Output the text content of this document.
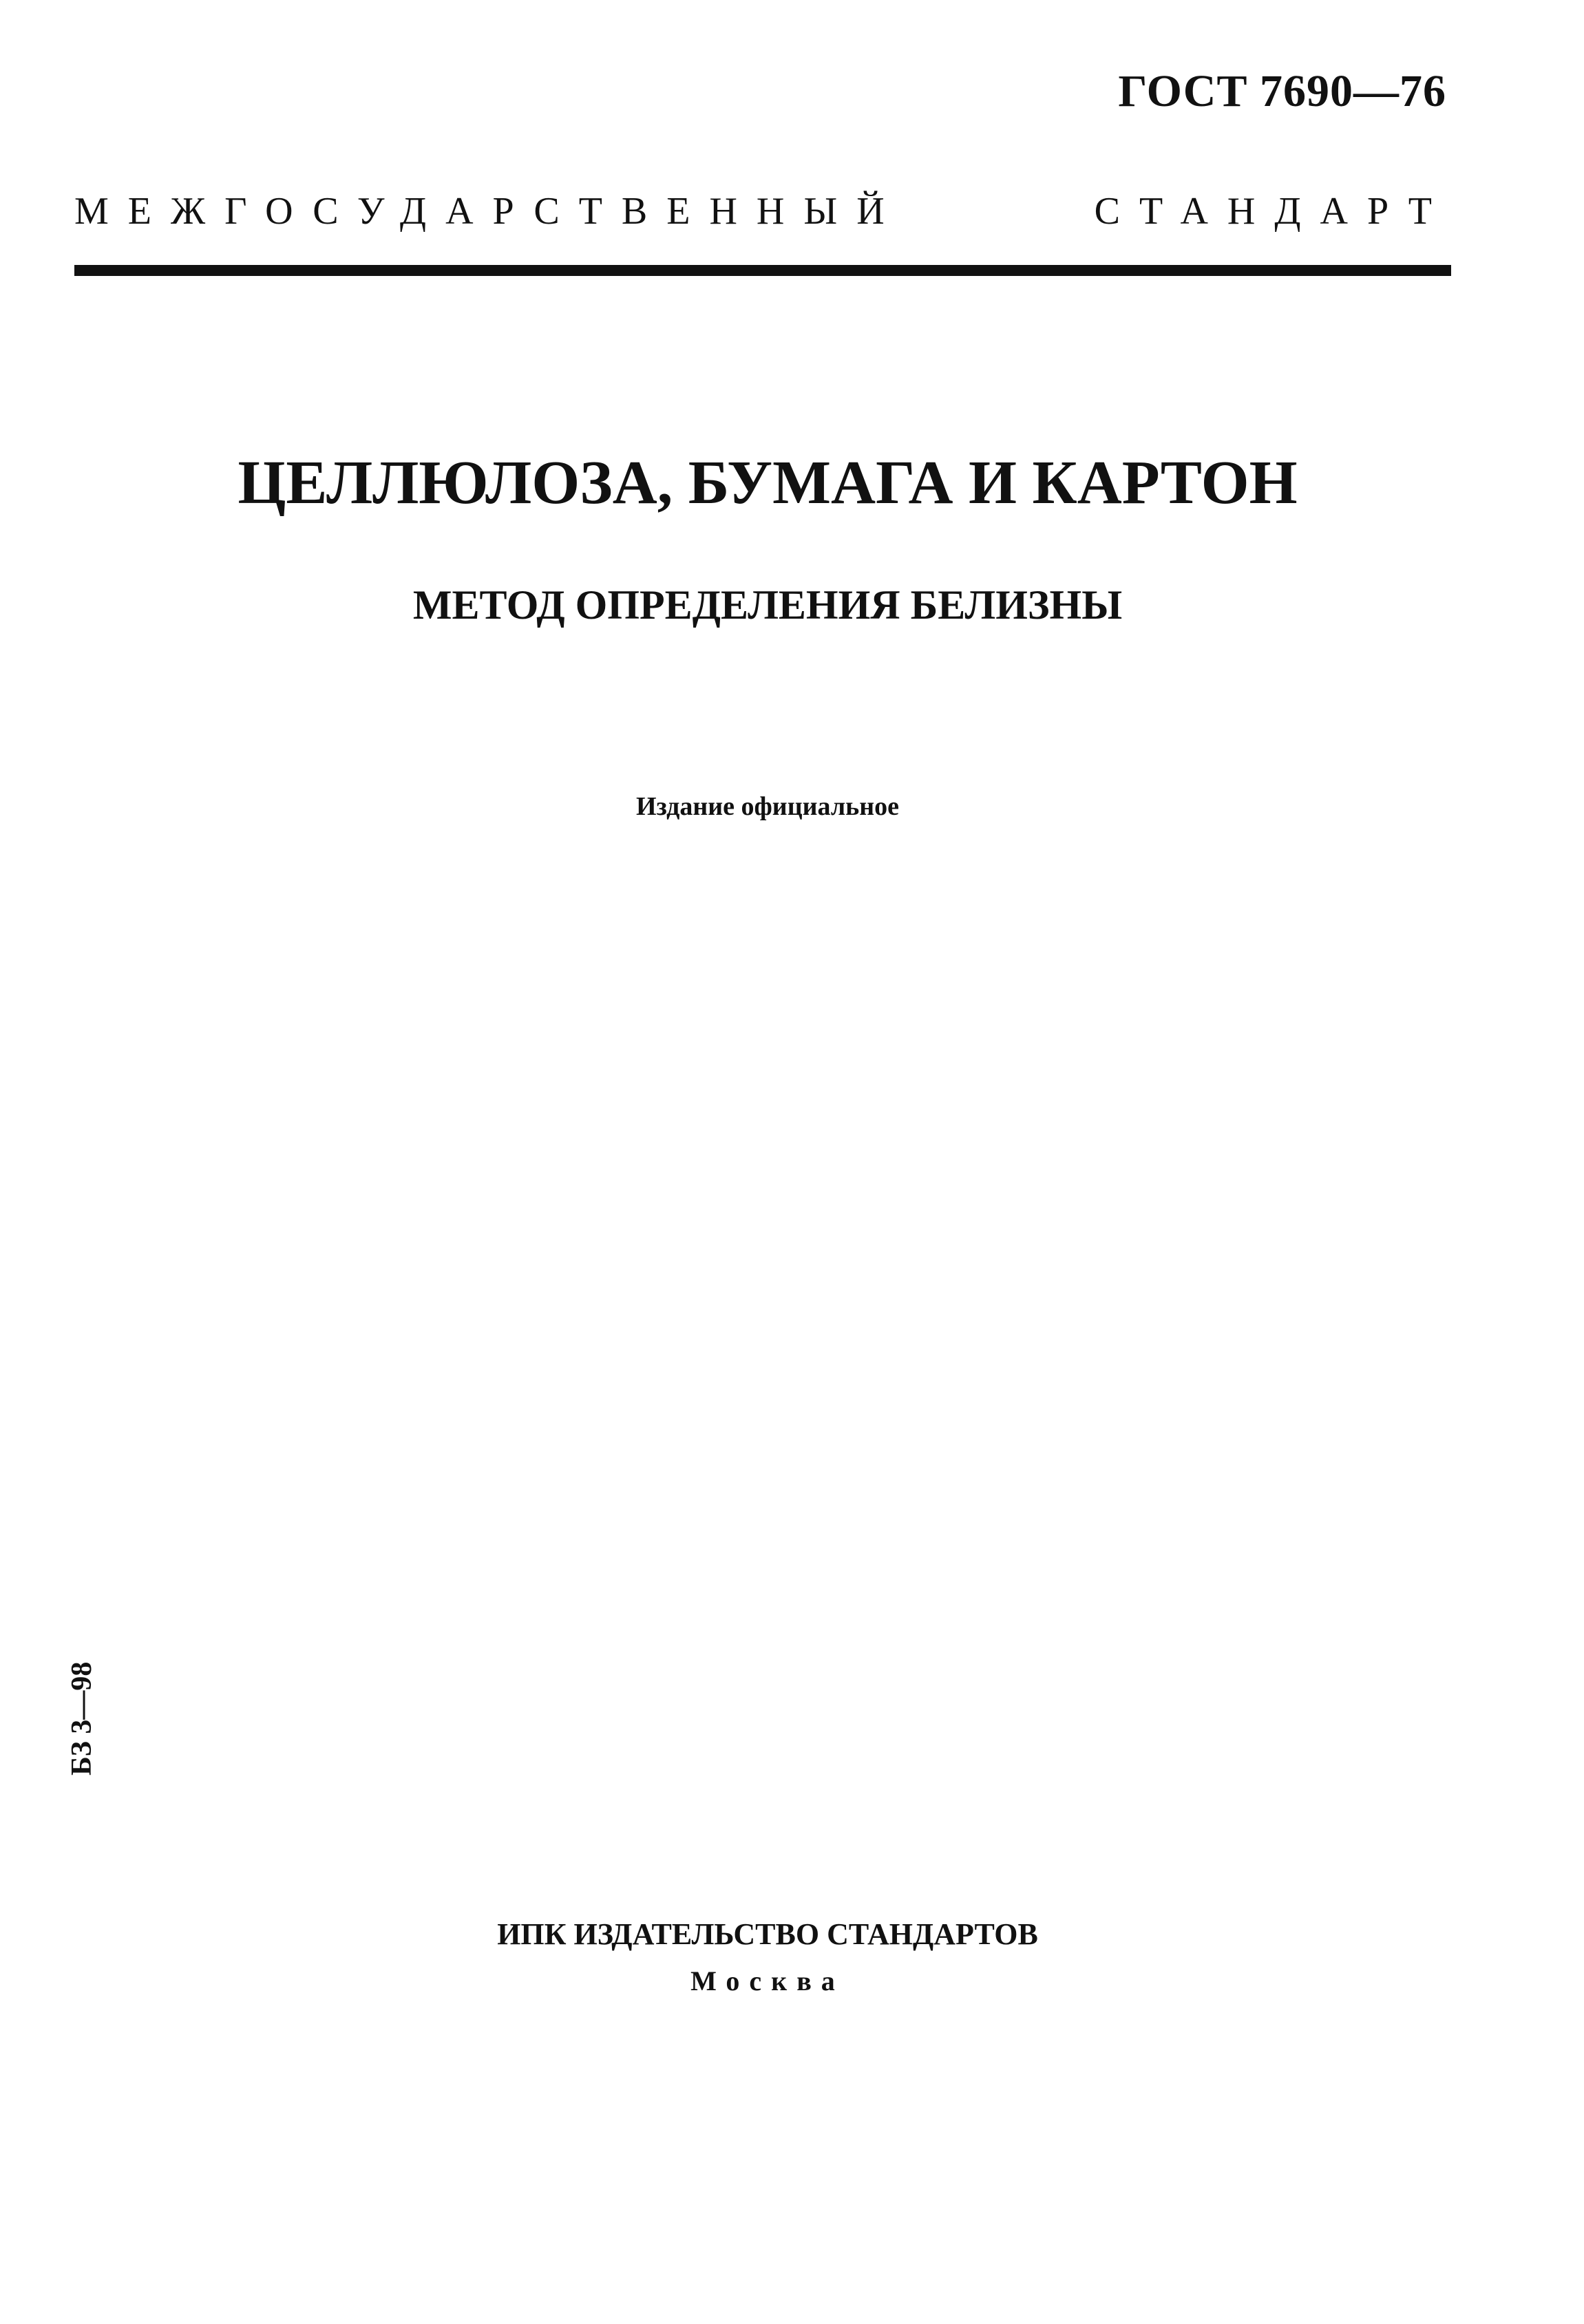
ГОСТ 7690—76
МЕЖГОСУДАРСТВЕННЫЙ	СТАНДАРТ
ЦЕЛЛЮЛОЗА, БУМАГА И КАРТОН
МЕТОД ОПРЕДЕЛЕНИЯ БЕЛИЗНЫ
Издание официальное
БЗ 3—98
ИПК ИЗДАТЕЛЬСТВО СТАНДАРТОВ
Москва
